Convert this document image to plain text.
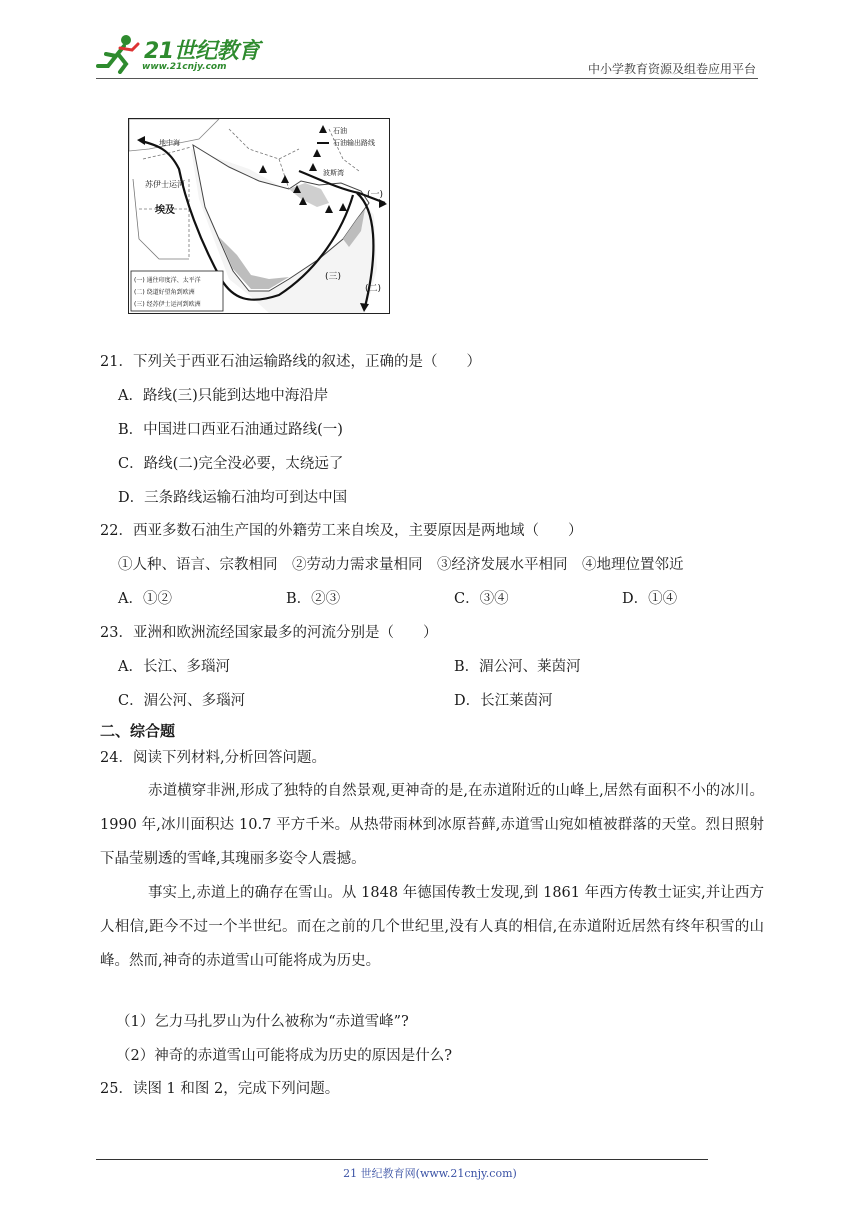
21世纪教育
www.21cnjy.com	中小学教育资源及组卷应用平台
石油
石油输出路线
地中海
苏伊士运河
埃及
波斯湾
(一)
(二)
(三)
(一) 通往印度洋、太平洋
(二) 绕道好望角到欧洲
(三) 经苏伊士运河到欧洲
21．下列关于西亚石油运输路线的叙述，正确的是（　　）
A．路线(三)只能到达地中海沿岸
B．中国进口西亚石油通过路线(一)
C．路线(二)完全没必要，太绕远了
D．三条路线运输石油均可到达中国
22．西亚多数石油生产国的外籍劳工来自埃及，主要原因是两地域（　　）
①人种、语言、宗教相同　②劳动力需求量相同　③经济发展水平相同　④地理位置邻近
A．①②	B．②③	C．③④	D．①④
23．亚洲和欧洲流经国家最多的河流分别是（　　）
A．长江、多瑙河	B．湄公河、莱茵河
C．湄公河、多瑙河	D．长江莱茵河
二、综合题
24．阅读下列材料,分析回答问题。
赤道横穿非洲,形成了独特的自然景观,更神奇的是,在赤道附近的山峰上,居然有面积不小的冰川。1990 年,冰川面积达 10.7 平方千米。从热带雨林到冰原苔藓,赤道雪山宛如植被群落的天堂。烈日照射下晶莹剔透的雪峰,其瑰丽多姿令人震撼。
事实上,赤道上的确存在雪山。从 1848 年德国传教士发现,到 1861 年西方传教士证实,并让西方人相信,距今不过一个半世纪。而在之前的几个世纪里,没有人真的相信,在赤道附近居然有终年积雪的山峰。然而,神奇的赤道雪山可能将成为历史。
（1）乞力马扎罗山为什么被称为“赤道雪峰”?
（2）神奇的赤道雪山可能将成为历史的原因是什么?
25．读图 1 和图 2，完成下列问题。
21 世纪教育网(www.21cnjy.com)
